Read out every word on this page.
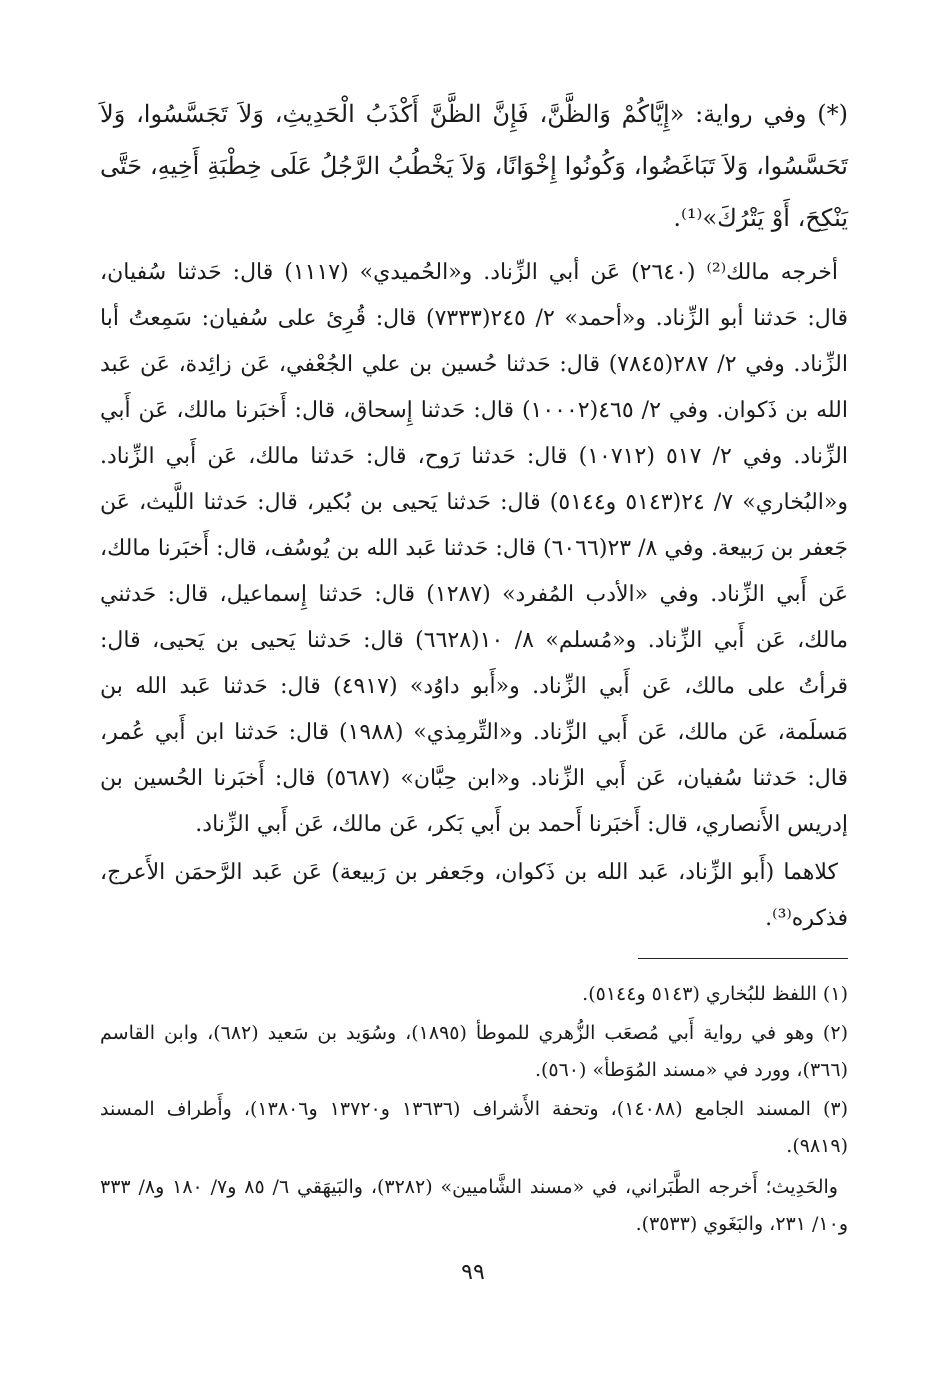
(*) وفي رواية: «إِيَّاكُمْ وَالظَّنَّ، فَإِنَّ الظَّنَّ أَكْذَبُ الْحَدِيثِ، وَلاَ تَجَسَّسُوا، وَلاَ تَحَسَّسُوا، وَلاَ تَبَاغَضُوا، وَكُونُوا إِخْوَانًا، وَلاَ يَخْطُبُ الرَّجُلُ عَلَى خِطْبَةِ أَخِيهِ، حَتَّى يَنْكِحَ، أَوْ يَتْرُكَ»⁽¹⁾.

أخرجه مالك⁽²⁾ (٢٦٤٠) عَن أبي الزِّناد. و«الحُميدي» (١١١٧) قال: حَدثنا سُفيان، قال: حَدثنا أبو الزِّناد. و«أحمد» ٢/ ٢٤٥(٧٣٣٣) قال: قُرِئ على سُفيان: سَمِعتُ أبا الزِّناد. وفي ٢/ ٢٨٧(٧٨٤٥) قال: حَدثنا حُسين بن علي الجُعْفي، عَن زائِدة، عَن عَبد الله بن ذَكوان. وفي ٢/ ٤٦٥(١٠٠٠٢) قال: حَدثنا إِسحاق، قال: أَخبَرنا مالك، عَن أَبي الزِّناد. وفي ٢/ ٥١٧ (١٠٧١٢) قال: حَدثنا رَوح، قال: حَدثنا مالك، عَن أَبي الزِّناد. و«البُخاري» ٧/ ٢٤(٥١٤٣ و٥١٤٤) قال: حَدثنا يَحيى بن بُكير، قال: حَدثنا اللَّيث، عَن جَعفر بن رَبيعة. وفي ٨/ ٢٣(٦٠٦٦) قال: حَدثنا عَبد الله بن يُوسُف، قال: أَخبَرنا مالك، عَن أَبي الزِّناد. وفي «الأدب المُفرد» (١٢٨٧) قال: حَدثنا إِسماعيل، قال: حَدثني مالك، عَن أَبي الزِّناد. و«مُسلم» ٨/ ١٠(٦٦٢٨) قال: حَدثنا يَحيى بن يَحيى، قال: قرأتُ على مالك، عَن أَبي الزِّناد. و«أَبو داوُد» (٤٩١٧) قال: حَدثنا عَبد الله بن مَسلَمة، عَن مالك، عَن أَبي الزِّناد. و«التِّرمِذي» (١٩٨٨) قال: حَدثنا ابن أَبي عُمر، قال: حَدثنا سُفيان، عَن أَبي الزِّناد. و«ابن حِبَّان» (٥٦٨٧) قال: أَخبَرنا الحُسين بن إدريس الأَنصاري، قال: أَخبَرنا أَحمد بن أَبي بَكر، عَن مالك، عَن أَبي الزِّناد.

كلاهما (أَبو الزِّناد، عَبد الله بن ذَكوان، وجَعفر بن رَبيعة) عَن عَبد الرَّحمَن الأَعرج، فذكره⁽³⁾.

(١) اللفظ للبُخاري (٥١٤٣ و٥١٤٤).

(٢) وهو في رواية أَبي مُصعَب الزُّهري للموطأ (١٨٩٥)، وسُوَيد بن سَعيد (٦٨٢)، وابن القاسم (٣٦٦)، وورد في «مسند المُوَطأ» (٥٦٠).

(٣) المسند الجامع (١٤٠٨٨)، وتحفة الأَشراف (١٣٦٣٦ و١٣٧٢٠ و١٣٨٠٦)، وأَطراف المسند (٩٨١٩).

والحَدِيث؛ أَخرجه الطَّبَراني، في «مسند الشَّاميين» (٣٢٨٢)، والبَيهَقي ٦/ ٨٥ و٧/ ١٨٠ و٨/ ٣٣٣ و١٠/ ٢٣١، والبَغَوي (٣٥٣٣).

٩٩
